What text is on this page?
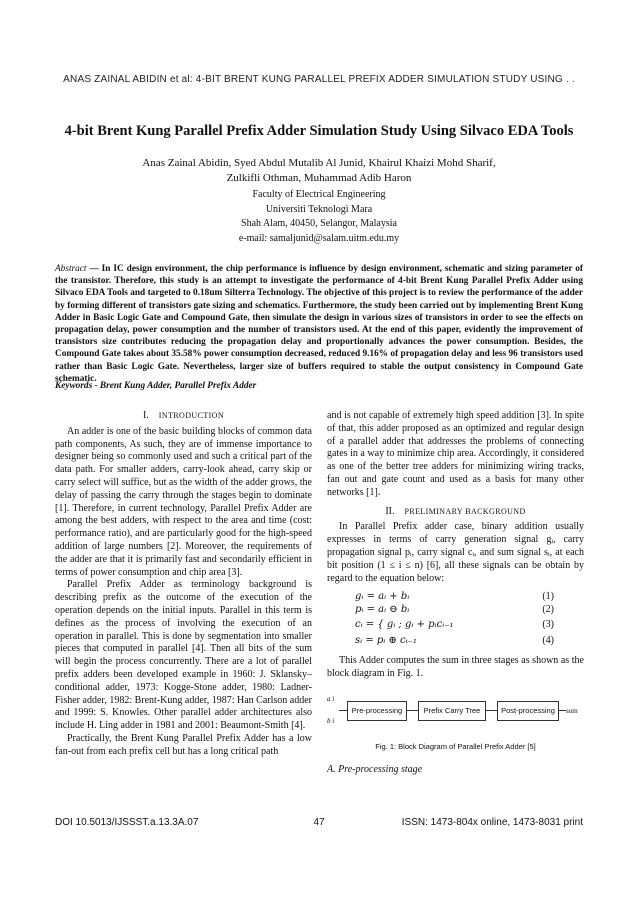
ANAS ZAINAL ABIDIN et al: 4-BIT BRENT KUNG PARALLEL PREFIX ADDER SIMULATION STUDY USING . .
4-bit Brent Kung Parallel Prefix Adder Simulation Study Using Silvaco EDA Tools
Anas Zainal Abidin, Syed Abdul Mutalib Al Junid, Khairul Khaizi Mohd Sharif,
Zulkifli Othman, Muhammad Adib Haron
Faculty of Electrical Engineering
Universiti Teknologi Mara
Shah Alam, 40450, Selangor, Malaysia
e-mail: samaljunid@salam.uitm.edu.my

Abstract — In IC design environment, the chip performance is influence by design environment, schematic and sizing parameter of the transistor. Therefore, this study is an attempt to investigate the performance of 4-bit Brent Kung Parallel Prefix Adder using Silvaco EDA Tools and targeted to 0.18um Silterra Technology. The objective of this project is to review the performance of the adder by forming different of transistors gate sizing and schematics. Furthermore, the study been carried out by implementing Brent Kung Adder in Basic Logic Gate and Compound Gate, then simulate the design in various sizes of transistors in order to see the effects on propagation delay, power consumption and the number of transistors used. At the end of this paper, evidently the improvement of transistors size contributes reducing the propagation delay and proportionally advances the power consumption. Besides, the Compound Gate takes about 35.58% power consumption decreased, reduced 9.16% of propagation delay and less 96 transistors used rather than Basic Logic Gate. Nevertheless, larger size of buffers required to stable the output consistency in Compound Gate schematic.

Keywords - Brent Kung Adder, Parallel Prefix Adder
I. INTRODUCTION

An adder is one of the basic building blocks of common data path components, As such, they are of immense importance to designer being so commonly used and such a critical part of the data path. For smaller adders, carry-look ahead, carry skip or carry select will suffice, but as the width of the adder grows, the delay of passing the carry through the stages begin to dominate [1]. Therefore, in current technology, Parallel Prefix Adder are among the best adders, with respect to the area and time (cost: performance ratio), and are particularly good for the high-speed addition of large numbers [2]. Moreover, the requirements of the adder are that it is primarily fast and secondarily efficient in terms of power consumption and chip area [3].

Parallel Prefix Adder as terminology background is describing prefix as the outcome of the execution of the operation depends on the initial inputs. Parallel in this term is defines as the process of involving the execution of an operation in parallel. This is done by segmentation into smaller pieces that computed in parallel [4]. Then all bits of the sum will begin the process concurrently. There are a lot of parallel prefix adders been developed example in 1960: J. Sklansky–conditional adder, 1973: Kogge-Stone adder, 1980: Ladner-Fisher adder, 1982: Brent-Kung adder, 1987: Han Carlson adder and 1999: S. Knowles. Other parallel adder architectures also include H. Ling adder in 1981 and 2001: Beaumont-Smith [4].

Practically, the Brent Kung Parallel Prefix Adder has a low fan-out from each prefix cell but has a long critical path

and is not capable of extremely high speed addition [3]. In spite of that, this adder proposed as an optimized and regular design of a parallel adder that addresses the problems of connecting gates in a way to minimize chip area. Accordingly, it considered as one of the better tree adders for minimizing wiring tracks, fan out and gate count and used as a basis for many other networks [1].

II. PRELIMINARY BACKGROUND

In Parallel Prefix adder case, binary addition usually expresses in terms of carry generation signal gᵢ, carry propagation signal pᵢ, carry signal cᵢ, and sum signal sᵢ, at each bit position (1 ≤ i ≤ n) [6], all these signals can be obtain by regard to the equation below:

gᵢ = aᵢ + bᵢ	(1)
pᵢ = aᵢ ⊖ bᵢ	(2)
cᵢ = { gᵢ ; gᵢ + pᵢcᵢ₋₁	(3)
sᵢ = pᵢ ⊕ cᵢ₋₁	(4)

This Adder computes the sum in three stages as shown as the block diagram in Fig. 1.

a i
b i
Pre-processing	Prefix Carry Tree	Post-processing	sum
Fig. 1: Block Diagram of Parallel Prefix Adder [5]
A. Pre-processing stage
DOI 10.5013/IJSSST.a.13.3A.07	47	ISSN: 1473-804x online, 1473-8031 print
